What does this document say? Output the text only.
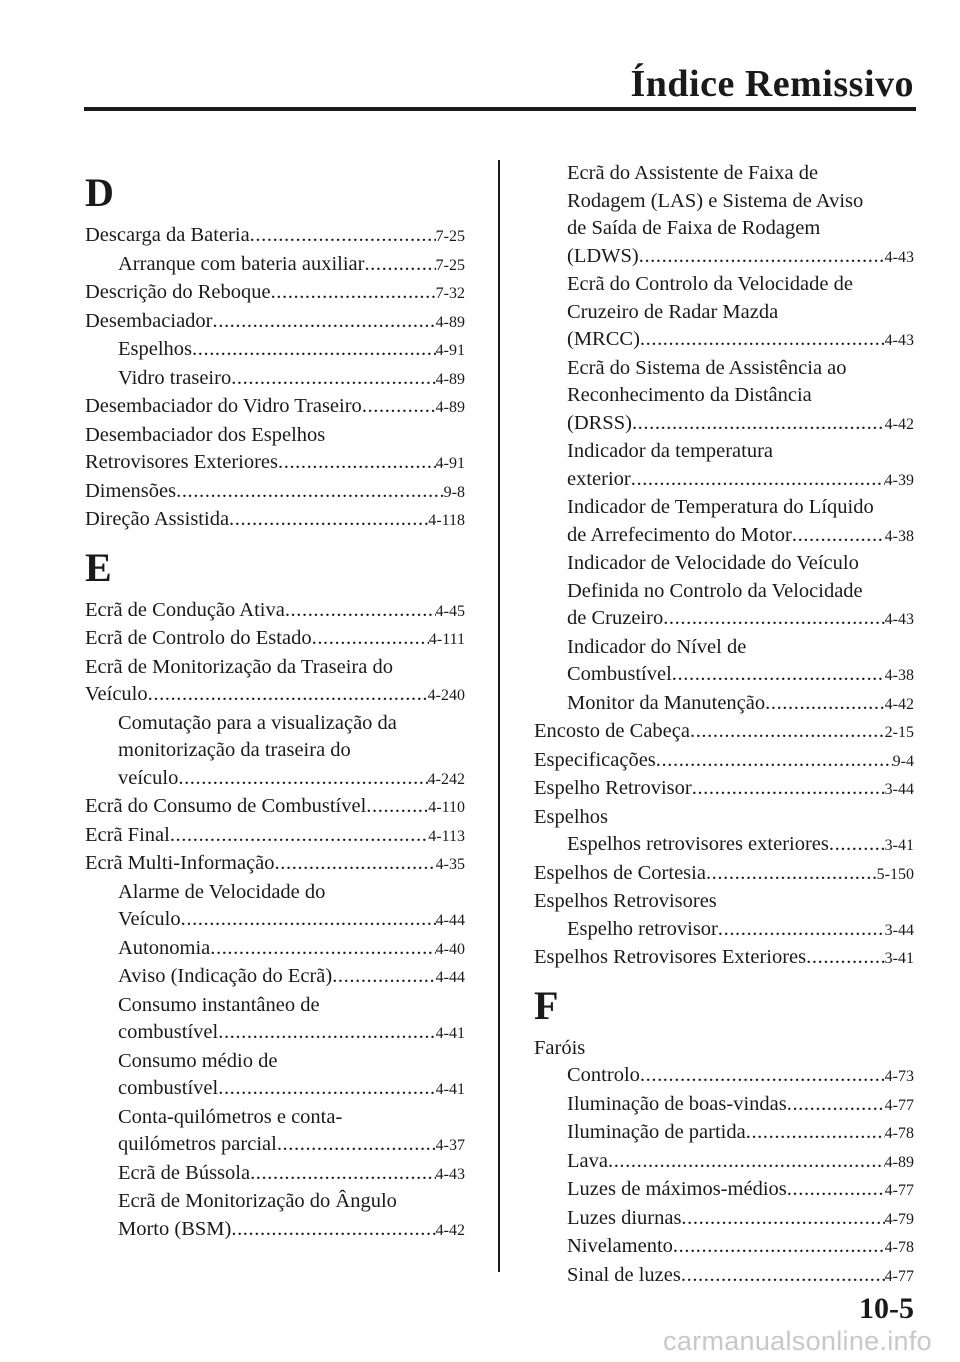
Índice Remissivo
D
Descarga da Bateria .....	7-25
Arranque com bateria auxiliar .....	7-25
Descrição do Reboque .....	7-32
Desembaciador .....	4-89
Espelhos .....	4-91
Vidro traseiro .....	4-89
Desembaciador do Vidro Traseiro .....	4-89
Desembaciador dos Espelhos
Retrovisores Exteriores .....	4-91
Dimensões .....	9-8
Direção Assistida .....	4-118
E
Ecrã de Condução Ativa .....	4-45
Ecrã de Controlo do Estado .....	4-111
Ecrã de Monitorização da Traseira do
Veículo .....	4-240
Comutação para a visualização da
monitorização da traseira do
veículo .....	4-242
Ecrã do Consumo de Combustível .....	4-110
Ecrã Final .....	4-113
Ecrã Multi-Informação .....	4-35
Alarme de Velocidade do
Veículo .....	4-44
Autonomia .....	4-40
Aviso (Indicação do Ecrã) .....	4-44
Consumo instantâneo de
combustível .....	4-41
Consumo médio de
combustível .....	4-41
Conta-quilómetros e conta-
quilómetros parcial .....	4-37
Ecrã de Bússola .....	4-43
Ecrã de Monitorização do Ângulo
Morto (BSM) .....	4-42
Ecrã do Assistente de Faixa de
Rodagem (LAS) e Sistema de Aviso
de Saída de Faixa de Rodagem
(LDWS) .....	4-43
Ecrã do Controlo da Velocidade de
Cruzeiro de Radar Mazda
(MRCC) .....	4-43
Ecrã do Sistema de Assistência ao
Reconhecimento da Distância
(DRSS) .....	4-42
Indicador da temperatura
exterior .....	4-39
Indicador de Temperatura do Líquido
de Arrefecimento do Motor .....	4-38
Indicador de Velocidade do Veículo
Definida no Controlo da Velocidade
de Cruzeiro .....	4-43
Indicador do Nível de
Combustível .....	4-38
Monitor da Manutenção .....	4-42
Encosto de Cabeça .....	2-15
Especificações .....	9-4
Espelho Retrovisor .....	3-44
Espelhos
Espelhos retrovisores exteriores .....	3-41
Espelhos de Cortesia .....	5-150
Espelhos Retrovisores
Espelho retrovisor .....	3-44
Espelhos Retrovisores Exteriores .....	3-41
F
Faróis
Controlo .....	4-73
Iluminação de boas-vindas .....	4-77
Iluminação de partida .....	4-78
Lava .....	4-89
Luzes de máximos-médios .....	4-77
Luzes diurnas .....	4-79
Nivelamento .....	4-78
Sinal de luzes .....	4-77
10-5
carmanualsonline.info
